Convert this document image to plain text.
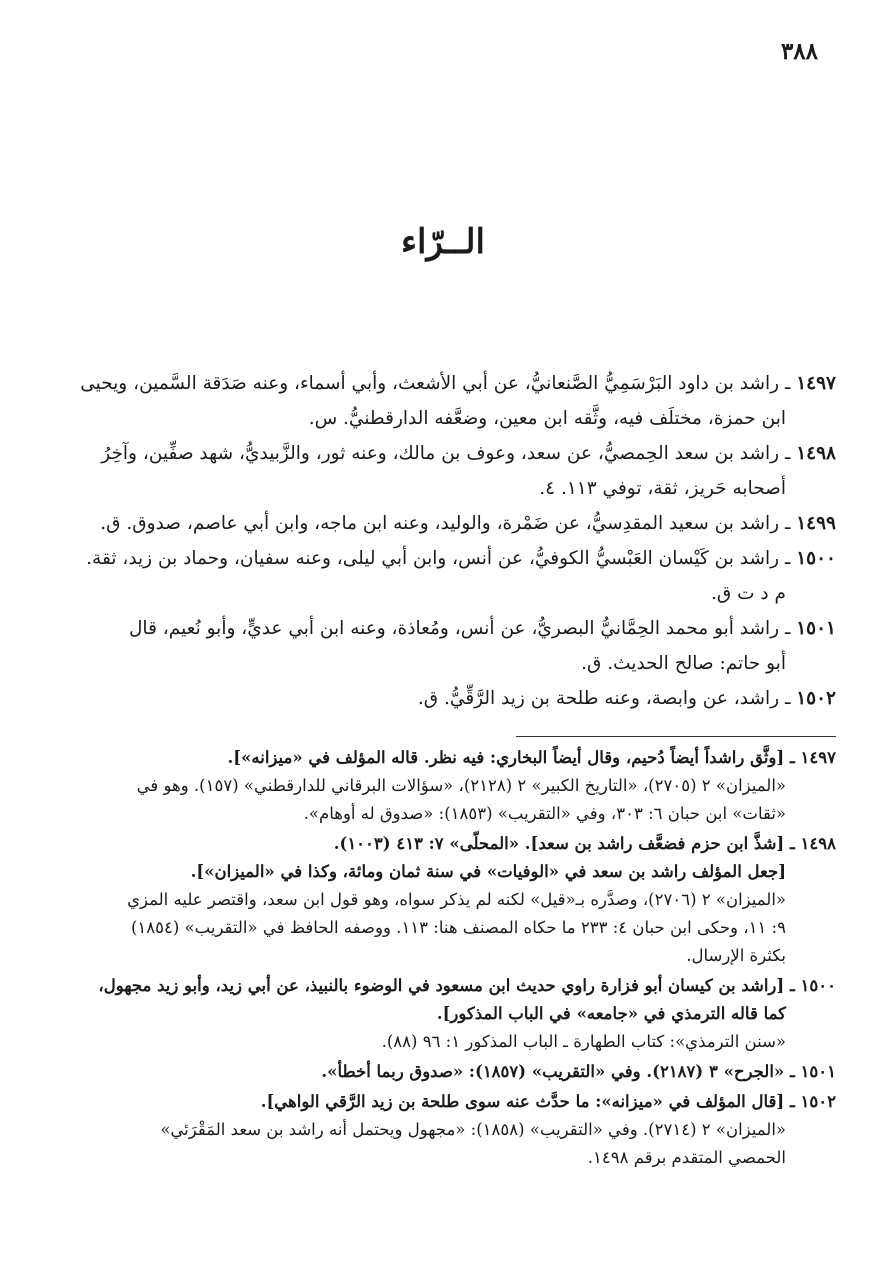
٣٨٨
الــرّاء

١٤٩٧ ـ راشد بن داود البَرْسَمِيُّ الصَّنعانيُّ، عن أبي الأشعث، وأبي أسماء، وعنه صَدَقة السَّمين، ويحيى
ابن حمزة، مختلَف فيه، وثَّقه ابن معين، وضعَّفه الدارقطنيُّ. س.

١٤٩٨ ـ راشد بن سعد الحِمصيُّ، عن سعد، وعوف بن مالك، وعنه ثور، والزَّبيديُّ، شهد صفِّين، وآخِرُ
أصحابه حَريز، ثقة، توفي ١١٣. ٤.

١٤٩٩ ـ راشد بن سعيد المقدِسيُّ، عن ضَمْرة، والوليد، وعنه ابن ماجه، وابن أبي عاصم، صدوق. ق.

١٥٠٠ ـ راشد بن كَيْسان العَبْسيُّ الكوفيُّ، عن أنس، وابن أبي ليلى، وعنه سفيان، وحماد بن زيد، ثقة.
م د ت ق.

١٥٠١ ـ راشد أبو محمد الحِمَّانيُّ البصريُّ، عن أنس، ومُعاذة، وعنه ابن أبي عديٍّ، وأبو نُعيم، قال
أبو حاتم: صالح الحديث. ق.

١٥٠٢ ـ راشد، عن وابصة، وعنه طلحة بن زيد الرَّقِّيُّ. ق.

١٤٩٧ ـ [وثَّق راشداً أيضاً دُحيم، وقال أيضاً البخاري: فيه نظر. قاله المؤلف في «ميزانه»].
«الميزان» ٢ (٢٧٠٥)، «التاريخ الكبير» ٢ (٢١٢٨)، «سؤالات البرقاني للدارقطني» (١٥٧). وهو في
«ثقات» ابن حبان ٦: ٣٠٣، وفي «التقريب» (١٨٥٣): «صدوق له أوهام».
١٤٩٨ ـ [شذَّ ابن حزم فضعَّف راشد بن سعد]. «المحلّى» ٧: ٤١٣ (١٠٠٣).
[جعل المؤلف راشد بن سعد في «الوفيات» في سنة ثمان ومائة، وكذا في «الميزان»].
«الميزان» ٢ (٢٧٠٦)، وصدَّره بـ«قيل» لكنه لم يذكر سواه، وهو قول ابن سعد، واقتصر عليه المزي
٩: ١١، وحكى ابن حبان ٤: ٢٣٣ ما حكاه المصنف هنا: ١١٣. ووصفه الحافظ في «التقريب» (١٨٥٤)
بكثرة الإرسال.
١٥٠٠ ـ [راشد بن كيسان أبو فزارة راوي حديث ابن مسعود في الوضوء بالنبيذ، عن أبي زيد، وأبو زيد مجهول،
كما قاله الترمذي في «جامعه» في الباب المذكور].
«سنن الترمذي»: كتاب الطهارة ـ الباب المذكور ١: ٩٦ (٨٨).
١٥٠١ ـ «الجرح» ٣ (٢١٨٧). وفي «التقريب» (١٨٥٧): «صدوق ربما أخطأ».
١٥٠٢ ـ [قال المؤلف في «ميزانه»: ما حدَّث عنه سوى طلحة بن زيد الرَّقي الواهي].
«الميزان» ٢ (٢٧١٤). وفي «التقريب» (١٨٥٨): «مجهول ويحتمل أنه راشد بن سعد المَقْرَئي»
الحمصي المتقدم برقم ١٤٩٨.
